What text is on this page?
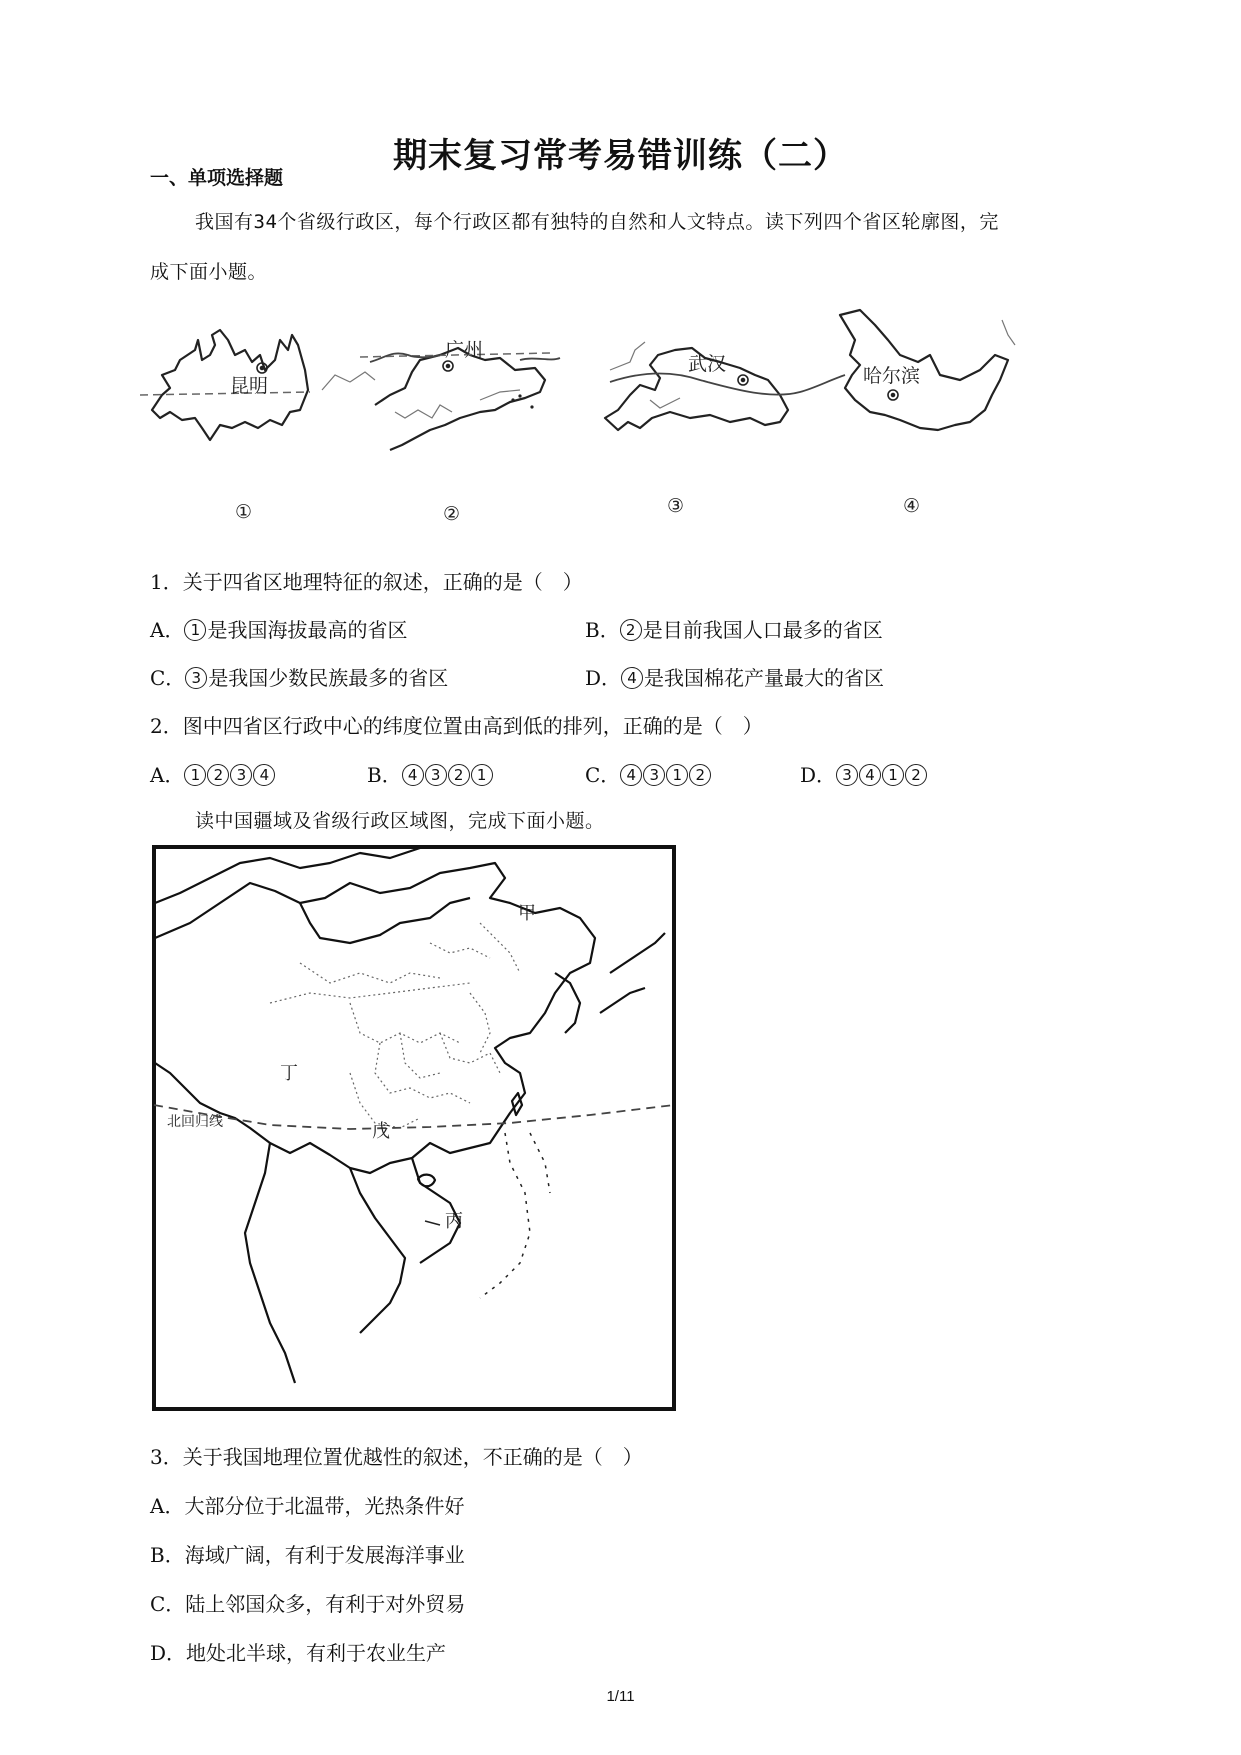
期末复习常考易错训练（二）
一、单项选择题
我国有34个省级行政区，每个行政区都有独特的自然和人文特点。读下列四个省区轮廓图，完
成下面小题。
昆明
广州
武汉
哈尔滨
①	②	③	④
1．关于四省区地理特征的叙述，正确的是（　）
A． 1 是我国海拔最高的省区	B． 2 是目前我国人口最多的省区
C． 3 是我国少数民族最多的省区	D． 4 是我国棉花产量最大的省区
2．图中四省区行政中心的纬度位置由高到低的排列，正确的是（　）
A． 1 2 3 4	B． 4 3 2 1	C． 4 3 1 2	D． 3 4 1 2
读中国疆域及省级行政区域图，完成下面小题。
甲
丁
戊
丙
北回归线
3．关于我国地理位置优越性的叙述，不正确的是（　）
A．大部分位于北温带，光热条件好
B．海域广阔，有利于发展海洋事业
C．陆上邻国众多，有利于对外贸易
D．地处北半球，有利于农业生产
1/11
